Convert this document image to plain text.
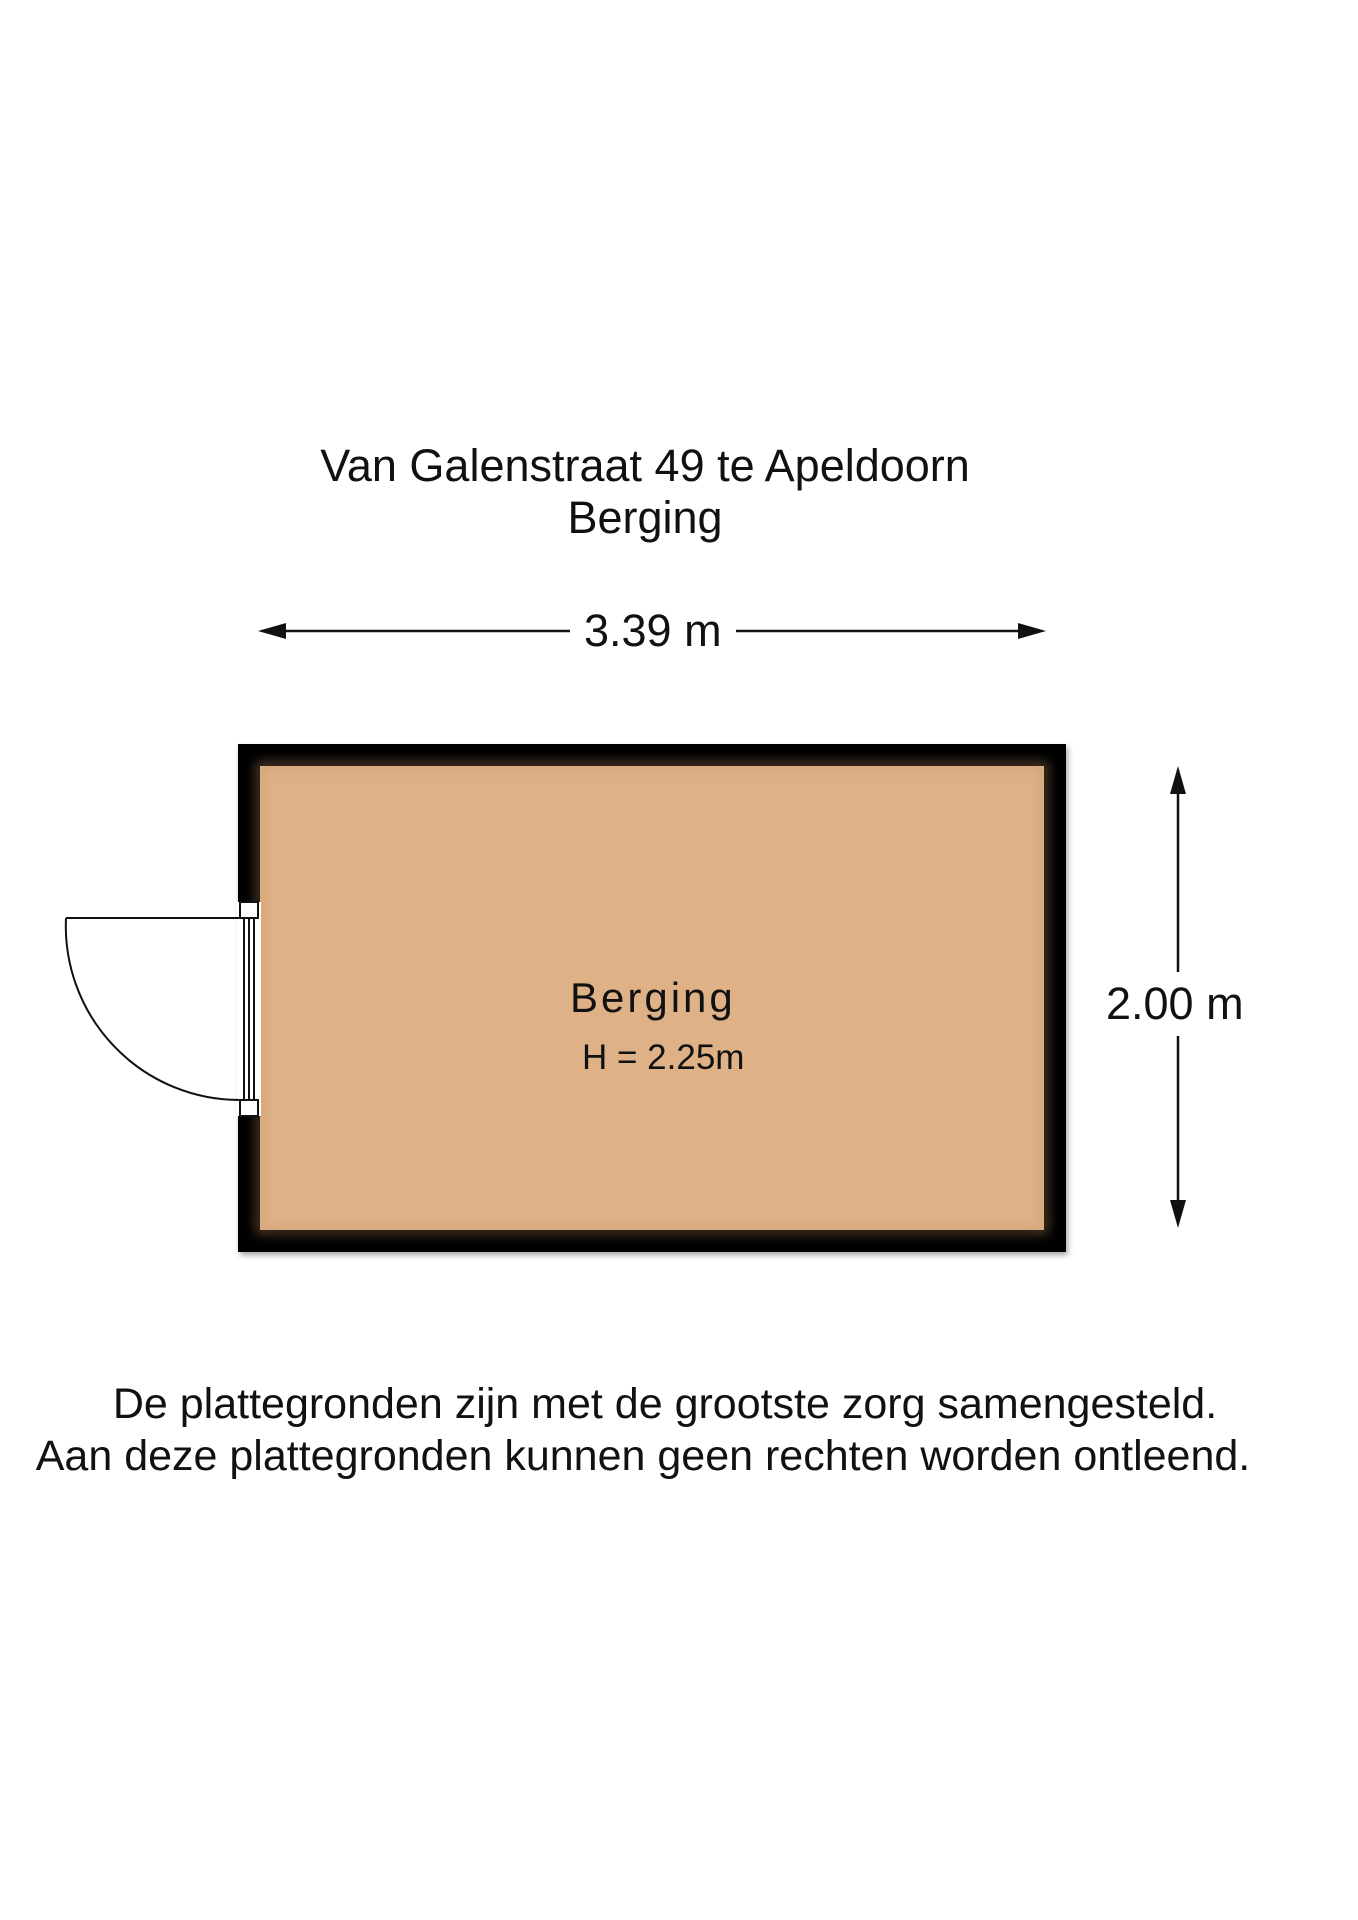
Van Galenstraat 49 te Apeldoorn
Berging
3.39 m
2.00 m
Berging
H = 2.25m
De plattegronden zijn met de grootste zorg samengesteld.
Aan deze plattegronden kunnen geen rechten worden ontleend.
